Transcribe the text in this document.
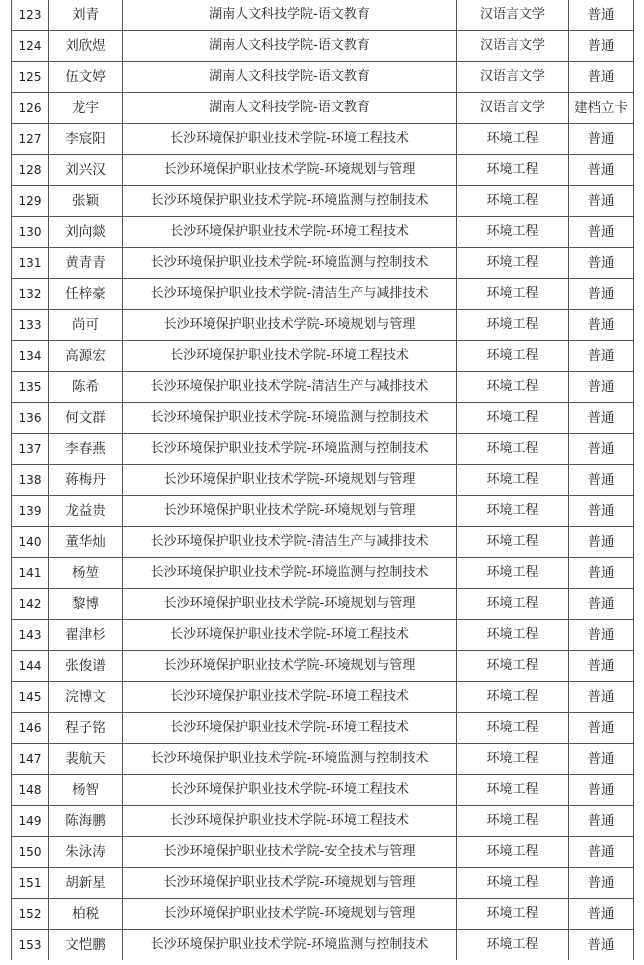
123	刘青	湖南人文科技学院-语文教育	汉语言文学	普通
124	刘欣煜	湖南人文科技学院-语文教育	汉语言文学	普通
125	伍文婷	湖南人文科技学院-语文教育	汉语言文学	普通
126	龙宇	湖南人文科技学院-语文教育	汉语言文学	建档立卡
127	李宸阳	长沙环境保护职业技术学院-环境工程技术	环境工程	普通
128	刘兴汉	长沙环境保护职业技术学院-环境规划与管理	环境工程	普通
129	张颖	长沙环境保护职业技术学院-环境监测与控制技术	环境工程	普通
130	刘向燚	长沙环境保护职业技术学院-环境工程技术	环境工程	普通
131	黄青青	长沙环境保护职业技术学院-环境监测与控制技术	环境工程	普通
132	任梓豪	长沙环境保护职业技术学院-清洁生产与减排技术	环境工程	普通
133	尚可	长沙环境保护职业技术学院-环境规划与管理	环境工程	普通
134	高源宏	长沙环境保护职业技术学院-环境工程技术	环境工程	普通
135	陈希	长沙环境保护职业技术学院-清洁生产与减排技术	环境工程	普通
136	何文群	长沙环境保护职业技术学院-环境监测与控制技术	环境工程	普通
137	李春燕	长沙环境保护职业技术学院-环境监测与控制技术	环境工程	普通
138	蒋梅丹	长沙环境保护职业技术学院-环境规划与管理	环境工程	普通
139	龙益贵	长沙环境保护职业技术学院-环境规划与管理	环境工程	普通
140	董华灿	长沙环境保护职业技术学院-清洁生产与减排技术	环境工程	普通
141	杨堃	长沙环境保护职业技术学院-环境监测与控制技术	环境工程	普通
142	黎博	长沙环境保护职业技术学院-环境规划与管理	环境工程	普通
143	翟津杉	长沙环境保护职业技术学院-环境工程技术	环境工程	普通
144	张俊谱	长沙环境保护职业技术学院-环境规划与管理	环境工程	普通
145	浣博文	长沙环境保护职业技术学院-环境工程技术	环境工程	普通
146	程子铭	长沙环境保护职业技术学院-环境工程技术	环境工程	普通
147	裴航天	长沙环境保护职业技术学院-环境监测与控制技术	环境工程	普通
148	杨智	长沙环境保护职业技术学院-环境工程技术	环境工程	普通
149	陈海鹏	长沙环境保护职业技术学院-环境工程技术	环境工程	普通
150	朱泳涛	长沙环境保护职业技术学院-安全技术与管理	环境工程	普通
151	胡新星	长沙环境保护职业技术学院-环境规划与管理	环境工程	普通
152	柏税	长沙环境保护职业技术学院-环境规划与管理	环境工程	普通
153	文恺鹏	长沙环境保护职业技术学院-环境监测与控制技术	环境工程	普通
